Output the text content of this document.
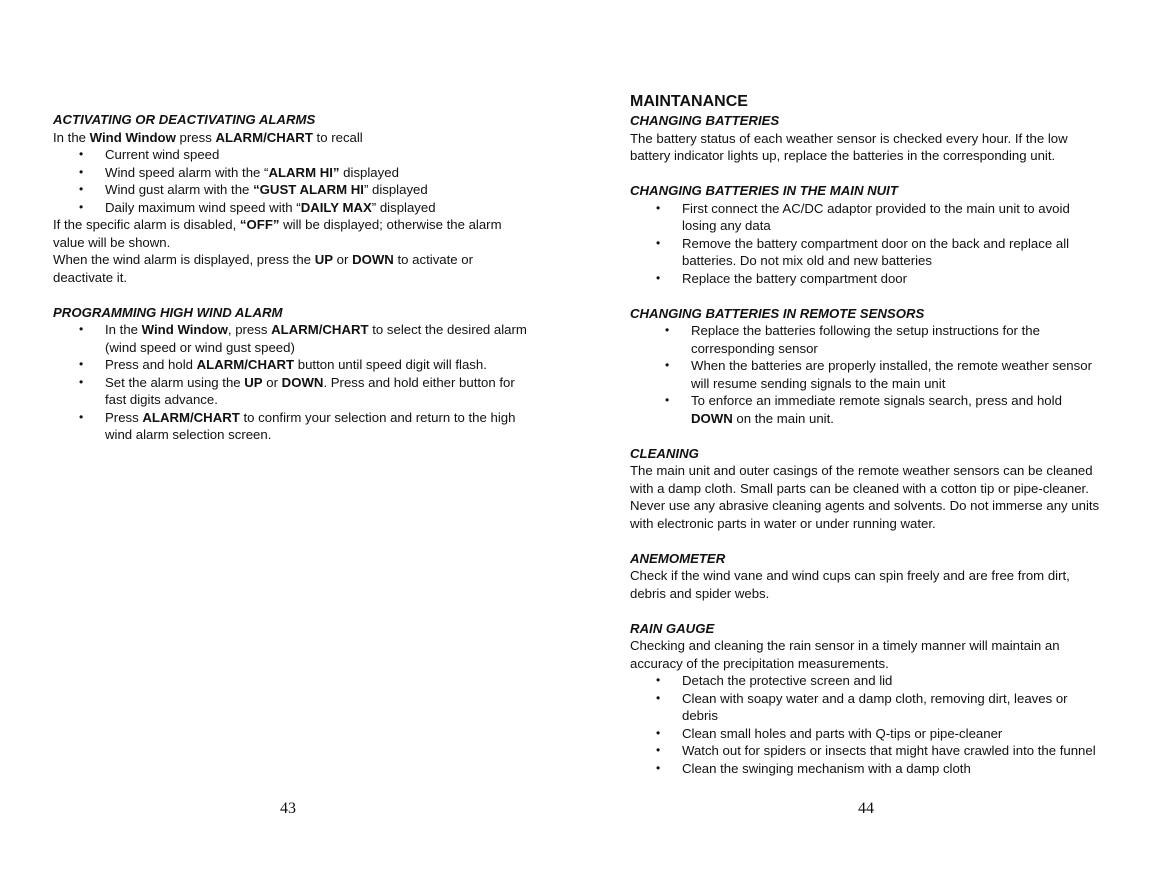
ACTIVATING OR DEACTIVATING ALARMS

In the Wind Window press ALARM/CHART to recall

• Current wind speed
• Wind speed alarm with the “ALARM HI” displayed
• Wind gust alarm with the “GUST ALARM HI” displayed
• Daily maximum wind speed with “DAILY MAX” displayed

If the specific alarm is disabled, “OFF” will be displayed; otherwise the alarm value will be shown.

When the wind alarm is displayed, press the UP or DOWN to activate or deactivate it.

PROGRAMMING HIGH WIND ALARM

• In the Wind Window, press ALARM/CHART to select the desired alarm (wind speed or wind gust speed)
• Press and hold ALARM/CHART button until speed digit will flash.
• Set the alarm using the UP or DOWN. Press and hold either button for fast digits advance.
• Press ALARM/CHART to confirm your selection and return to the high wind alarm selection screen.

MAINTANANCE

CHANGING BATTERIES

The battery status of each weather sensor is checked every hour. If the low battery indicator lights up, replace the batteries in the corresponding unit.

CHANGING BATTERIES IN THE MAIN NUIT

• First connect the AC/DC adaptor provided to the main unit to avoid losing any data
• Remove the battery compartment door on the back and replace all batteries. Do not mix old and new batteries
• Replace the battery compartment door

CHANGING BATTERIES IN REMOTE SENSORS

• Replace the batteries following the setup instructions for the corresponding sensor
• When the batteries are properly installed, the remote weather sensor will resume sending signals to the main unit
• To enforce an immediate remote signals search, press and hold DOWN on the main unit.

CLEANING

The main unit and outer casings of the remote weather sensors can be cleaned with a damp cloth. Small parts can be cleaned with a cotton tip or pipe-cleaner.

Never use any abrasive cleaning agents and solvents. Do not immerse any units with electronic parts in water or under running water.

ANEMOMETER

Check if the wind vane and wind cups can spin freely and are free from dirt, debris and spider webs.

RAIN GAUGE

Checking and cleaning the rain sensor in a timely manner will maintain an accuracy of the precipitation measurements.

• Detach the protective screen and lid
• Clean with soapy water and a damp cloth, removing dirt, leaves or debris
• Clean small holes and parts with Q-tips or pipe-cleaner
• Watch out for spiders or insects that might have crawled into the funnel
• Clean the swinging mechanism with a damp cloth
43	44
